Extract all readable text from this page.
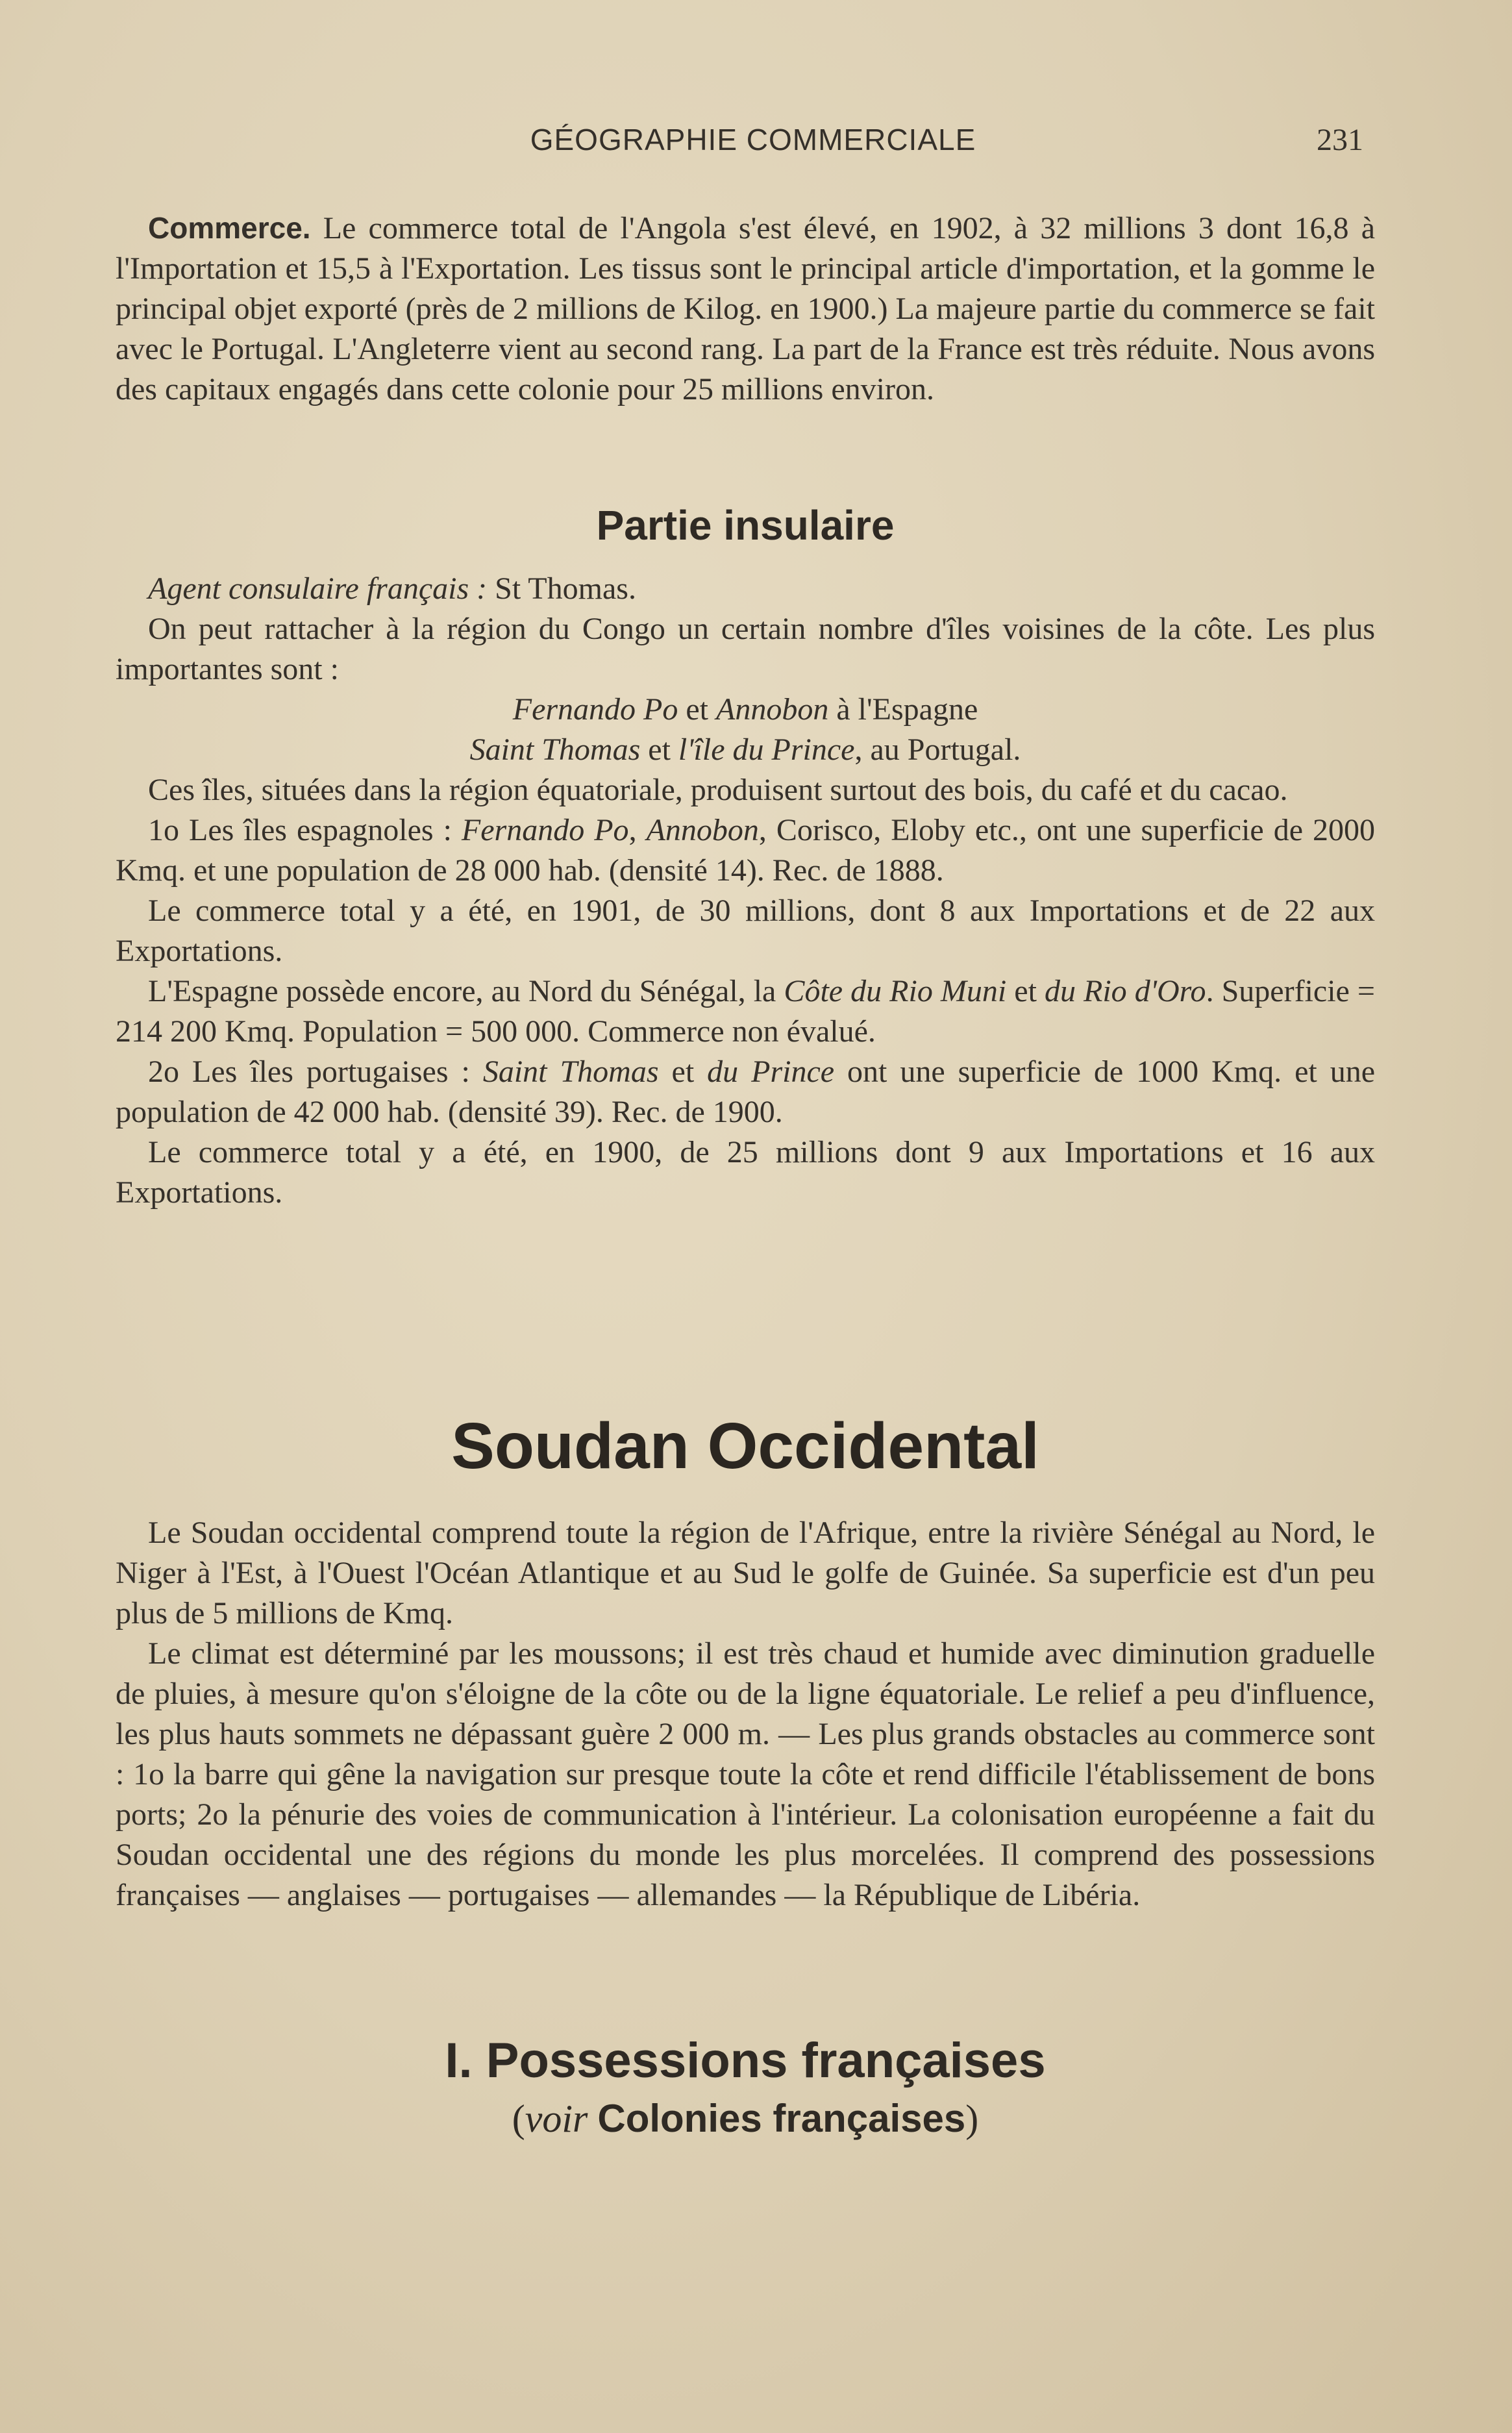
GÉOGRAPHIE COMMERCIALE	231

Commerce. Le commerce total de l'Angola s'est élevé, en 1902, à 32 millions 3 dont 16,8 à l'Importation et 15,5 à l'Exportation. Les tissus sont le principal article d'importation, et la gomme le principal objet exporté (près de 2 millions de Kilog. en 1900.) La majeure partie du commerce se fait avec le Portugal. L'Angleterre vient au second rang. La part de la France est très réduite. Nous avons des capitaux engagés dans cette colonie pour 25 millions environ.

Partie insulaire

Agent consulaire français : St Thomas.

On peut rattacher à la région du Congo un certain nombre d'îles voisines de la côte. Les plus importantes sont :

Fernando Po et Annobon à l'Espagne

Saint Thomas et l'île du Prince, au Portugal.

Ces îles, situées dans la région équatoriale, produisent surtout des bois, du café et du cacao.

1o Les îles espagnoles : Fernando Po, Annobon, Corisco, Eloby etc., ont une superficie de 2000 Kmq. et une population de 28 000 hab. (densité 14). Rec. de 1888.

Le commerce total y a été, en 1901, de 30 millions, dont 8 aux Importations et de 22 aux Exportations.

L'Espagne possède encore, au Nord du Sénégal, la Côte du Rio Muni et du Rio d'Oro. Superficie = 214 200 Kmq. Population = 500 000. Commerce non évalué.

2o Les îles portugaises : Saint Thomas et du Prince ont une superficie de 1000 Kmq. et une population de 42 000 hab. (densité 39). Rec. de 1900.

Le commerce total y a été, en 1900, de 25 millions dont 9 aux Importations et 16 aux Exportations.

Soudan Occidental

Le Soudan occidental comprend toute la région de l'Afrique, entre la rivière Sénégal au Nord, le Niger à l'Est, à l'Ouest l'Océan Atlantique et au Sud le golfe de Guinée. Sa superficie est d'un peu plus de 5 millions de Kmq.

Le climat est déterminé par les moussons; il est très chaud et humide avec diminution graduelle de pluies, à mesure qu'on s'éloigne de la côte ou de la ligne équatoriale. Le relief a peu d'influence, les plus hauts sommets ne dépassant guère 2 000 m. — Les plus grands obstacles au commerce sont : 1o la barre qui gêne la navigation sur presque toute la côte et rend difficile l'établissement de bons ports; 2o la pénurie des voies de communication à l'intérieur. La colonisation européenne a fait du Soudan occidental une des régions du monde les plus morcelées. Il comprend des possessions françaises — anglaises — portugaises — allemandes — la République de Libéria.

I. Possessions françaises
(voir Colonies françaises)
